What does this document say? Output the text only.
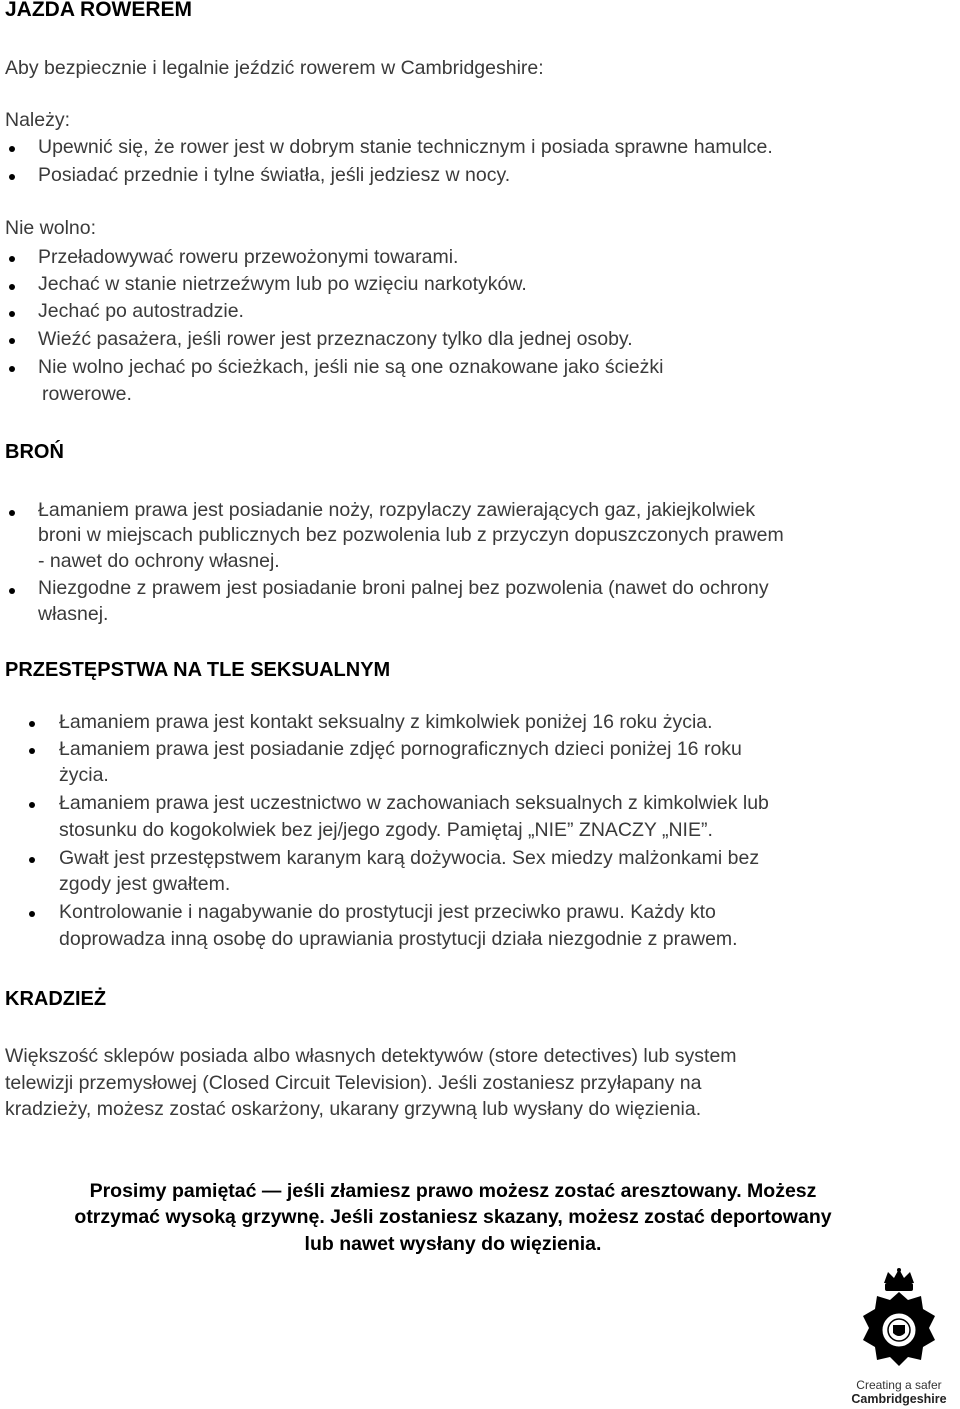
JAZDA ROWEREM
Aby bezpiecznie i legalnie jeździć rowerem w Cambridgeshire:
Należy:
Upewnić się, że rower jest w dobrym stanie technicznym i posiada sprawne hamulce.
Posiadać przednie i tylne światła, jeśli jedziesz w nocy.
Nie wolno:
Przeładowywać roweru przewożonymi towarami.
Jechać w stanie nietrzeźwym lub po wzięciu narkotyków.
Jechać po autostradzie.
Wieźć pasażera, jeśli rower jest przeznaczony tylko dla jednej osoby.
Nie wolno jechać po ścieżkach, jeśli nie są one oznakowane jako ścieżki
rowerowe.
BROŃ
Łamaniem prawa jest posiadanie noży, rozpylaczy zawierających gaz, jakiejkolwiek
broni w miejscach publicznych bez pozwolenia lub z przyczyn dopuszczonych prawem
- nawet do ochrony własnej.
Niezgodne z prawem jest posiadanie broni palnej bez pozwolenia (nawet do ochrony
własnej.
PRZESTĘPSTWA NA TLE SEKSUALNYM
Łamaniem prawa jest kontakt seksualny z kimkolwiek poniżej 16 roku życia.
Łamaniem prawa jest posiadanie zdjęć pornograficznych dzieci poniżej 16 roku
życia.
Łamaniem prawa jest uczestnictwo w zachowaniach seksualnych z kimkolwiek lub
stosunku do kogokolwiek bez jej/jego zgody. Pamiętaj „NIE” ZNACZY „NIE”.
Gwałt jest przestępstwem karanym karą dożywocia. Sex miedzy malżonkami bez
zgody jest gwałtem.
Kontrolowanie i nagabywanie do prostytucji jest przeciwko prawu. Każdy kto
doprowadza inną osobę do uprawiania prostytucji działa niezgodnie z prawem.
KRADZIEŻ
Większość sklepów posiada albo własnych detektywów (store detectives) lub system
telewizji przemysłowej (Closed Circuit Television). Jeśli zostaniesz przyłapany na
kradzieży, możesz zostać oskarżony, ukarany grzywną lub wysłany do więzienia.
Prosimy pamiętać — jeśli złamiesz prawo możesz zostać aresztowany. Możesz
otrzymać wysoką grzywnę. Jeśli zostaniesz skazany, możesz zostać deportowany
lub nawet wysłany do więzienia.
Creating a safer
Cambridgeshire
